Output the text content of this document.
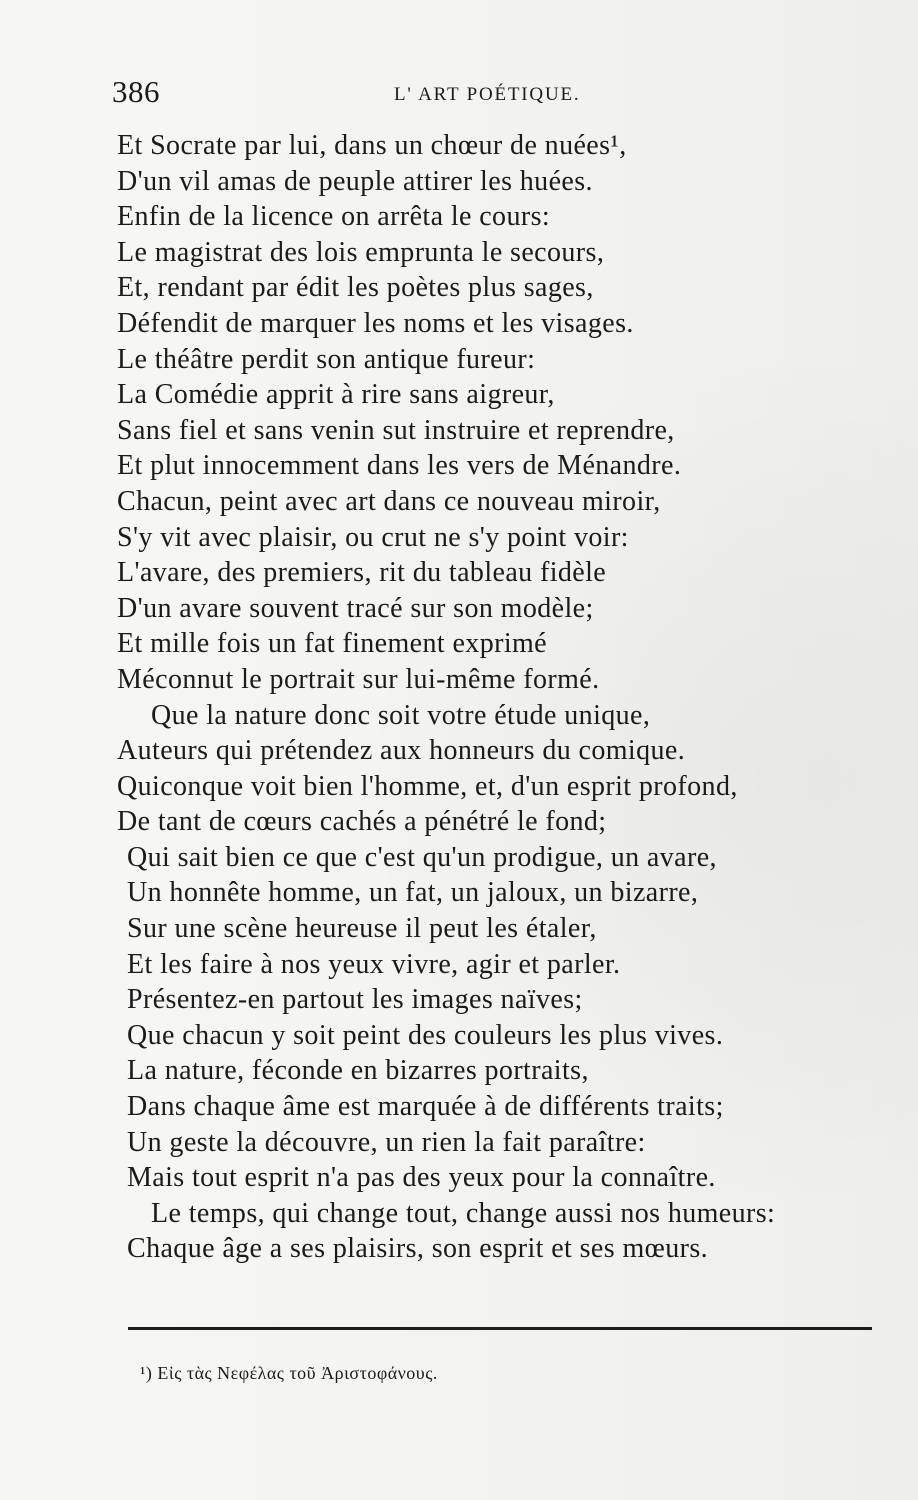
386	L' ART POÉTIQUE.
Et Socrate par lui, dans un chœur de nuées¹,
D'un vil amas de peuple attirer les huées.
Enfin de la licence on arrêta le cours:
Le magistrat des lois emprunta le secours,
Et, rendant par édit les poètes plus sages,
Défendit de marquer les noms et les visages.
Le théâtre perdit son antique fureur:
La Comédie apprit à rire sans aigreur,
Sans fiel et sans venin sut instruire et reprendre,
Et plut innocemment dans les vers de Ménandre.
Chacun, peint avec art dans ce nouveau miroir,
S'y vit avec plaisir, ou crut ne s'y point voir:
L'avare, des premiers, rit du tableau fidèle
D'un avare souvent tracé sur son modèle;
Et mille fois un fat finement exprimé
Méconnut le portrait sur lui-même formé.
Que la nature donc soit votre étude unique,
Auteurs qui prétendez aux honneurs du comique.
Quiconque voit bien l'homme, et, d'un esprit profond,
De tant de cœurs cachés a pénétré le fond;
Qui sait bien ce que c'est qu'un prodigue, un avare,
Un honnête homme, un fat, un jaloux, un bizarre,
Sur une scène heureuse il peut les étaler,
Et les faire à nos yeux vivre, agir et parler.
Présentez-en partout les images naïves;
Que chacun y soit peint des couleurs les plus vives.
La nature, féconde en bizarres portraits,
Dans chaque âme est marquée à de différents traits;
Un geste la découvre, un rien la fait paraître:
Mais tout esprit n'a pas des yeux pour la connaître.
Le temps, qui change tout, change aussi nos humeurs:
Chaque âge a ses plaisirs, son esprit et ses mœurs.
¹) Εἰς τὰς Νεφέλας τοῦ Ἀριστοφάνους.
